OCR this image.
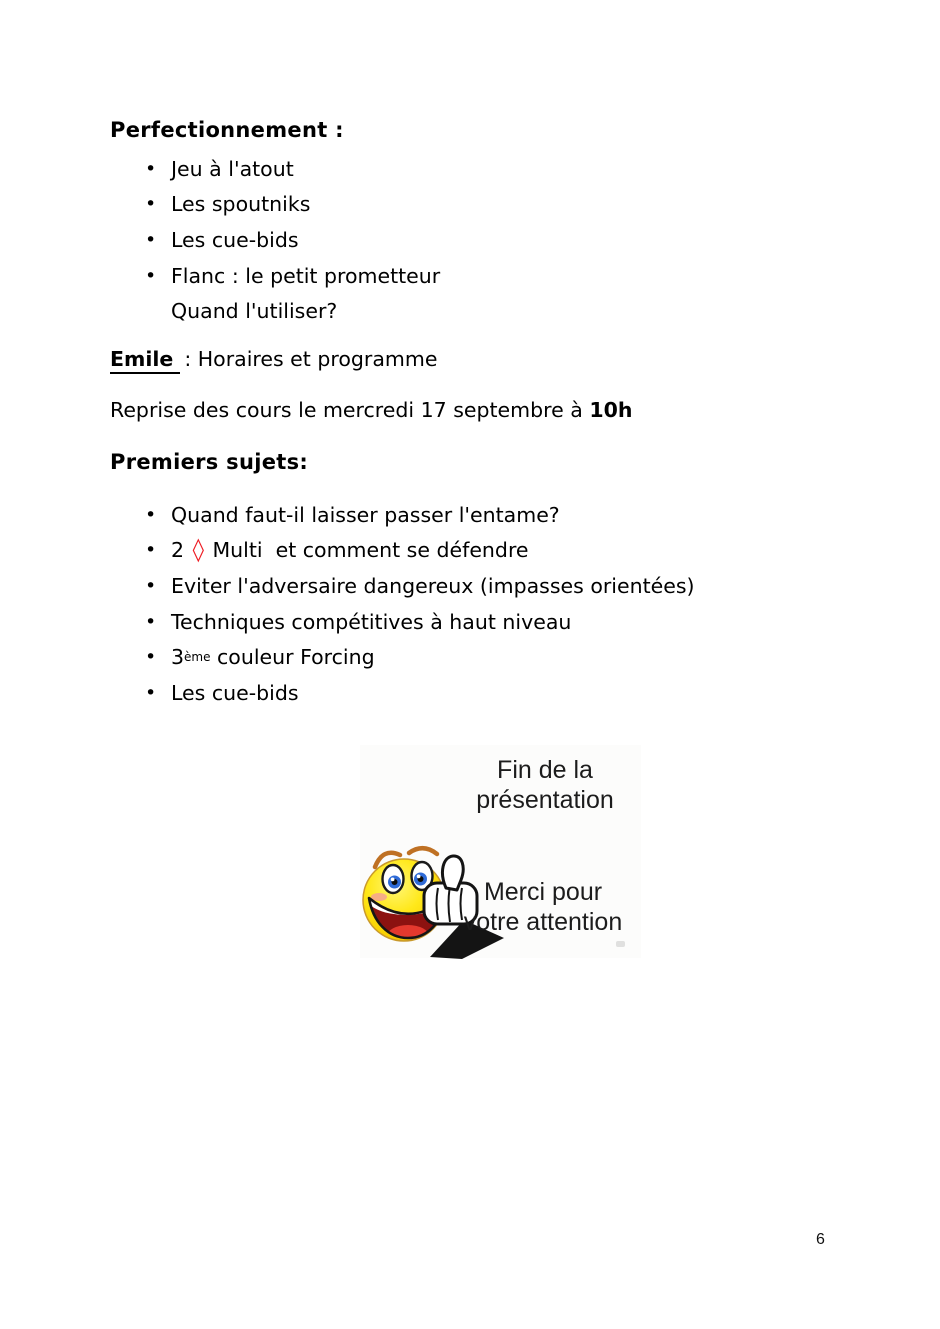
Perfectionnement :
• Jeu à l'atout
• Les spoutniks
• Les cue-bids
• Flanc : le petit prometteur
Quand l'utiliser?
Emile : Horaires et programme
Reprise des cours le mercredi 17 septembre à 10h
Premiers sujets:
• Quand faut-il laisser passer l'entame?
• 2 ◊ Multi  et comment se défendre
• Eviter l'adversaire dangereux (impasses orientées)
• Techniques compétitives à haut niveau
• 3 ème couleur Forcing
• Les cue-bids
Fin de la
présentation
Merci pour
votre attention
6
